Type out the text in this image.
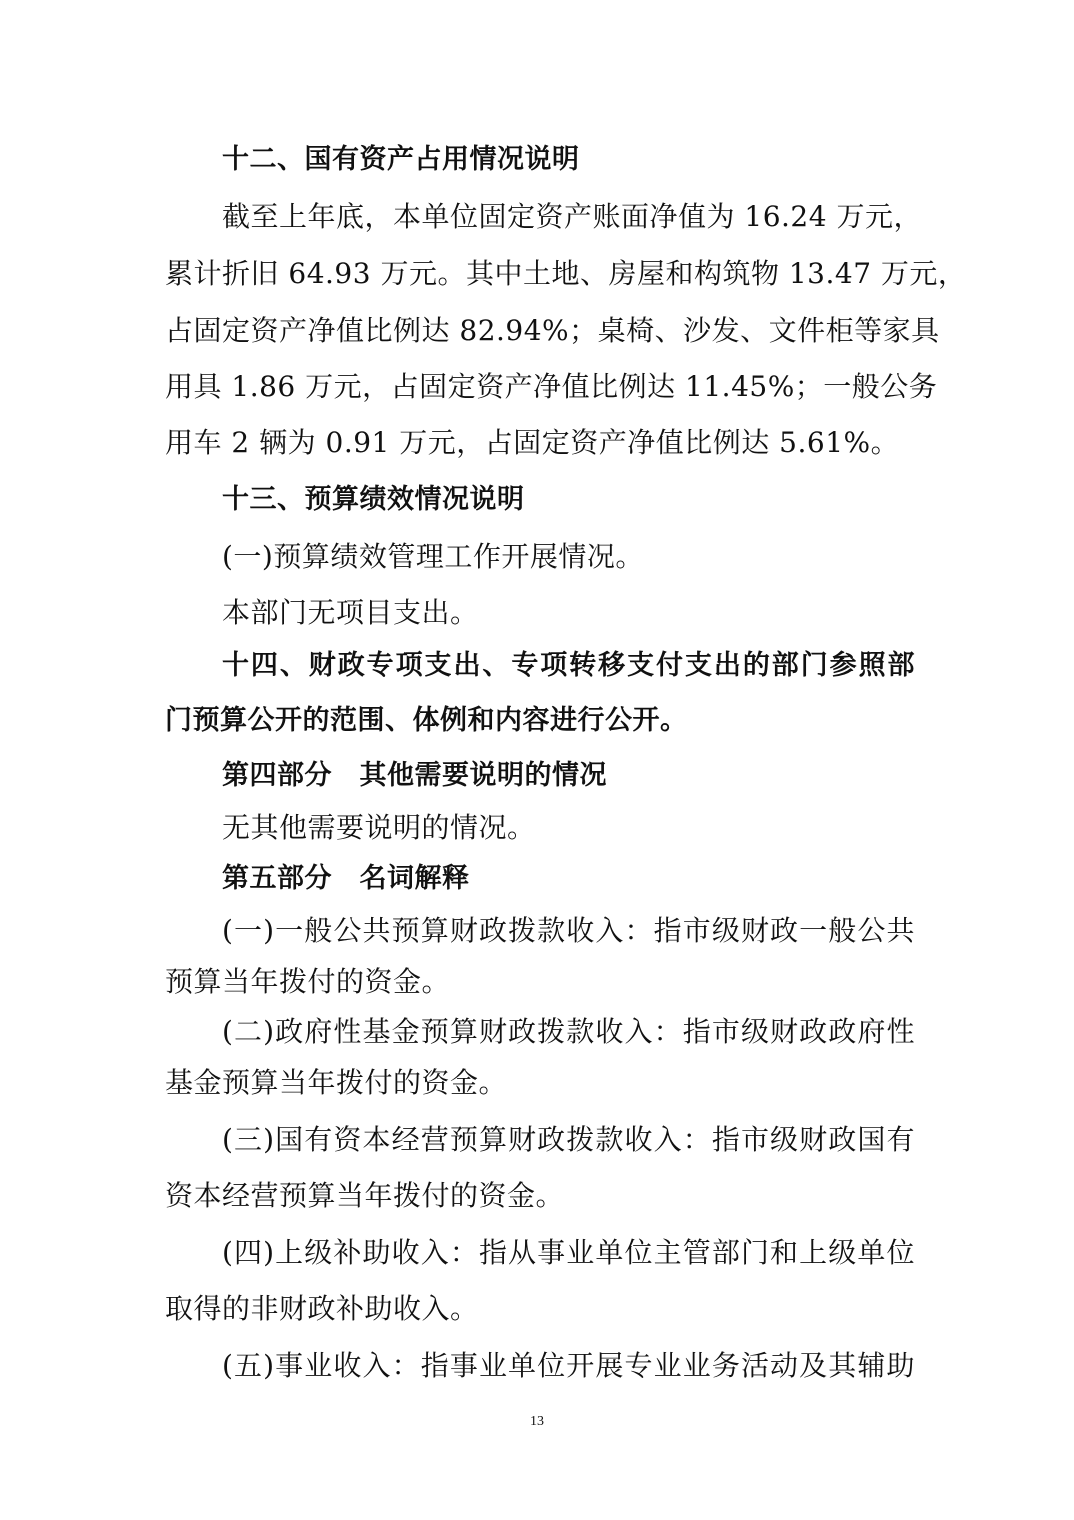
十二、国有资产占用情况说明
截至上年底，本单位固定资产账面净值为 16.24 万元，
累计折旧 64.93 万元。其中土地、房屋和构筑物 13.47 万元，
占固定资产净值比例达 82.94%；桌椅、沙发、文件柜等家具
用具 1.86 万元，占固定资产净值比例达 11.45%；一般公务
用车 2 辆为 0.91 万元，占固定资产净值比例达 5.61%。
十三、预算绩效情况说明
(一)预算绩效管理工作开展情况。
本部门无项目支出。
十四、财政专项支出、专项转移支付支出的部门参照部
门预算公开的范围、体例和内容进行公开。
第四部分　其他需要说明的情况
无其他需要说明的情况。
第五部分　名词解释
(一)一般公共预算财政拨款收入：指市级财政一般公共
预算当年拨付的资金。
(二)政府性基金预算财政拨款收入：指市级财政政府性
基金预算当年拨付的资金。
(三)国有资本经营预算财政拨款收入：指市级财政国有
资本经营预算当年拨付的资金。
(四)上级补助收入：指从事业单位主管部门和上级单位
取得的非财政补助收入。
(五)事业收入：指事业单位开展专业业务活动及其辅助
13
